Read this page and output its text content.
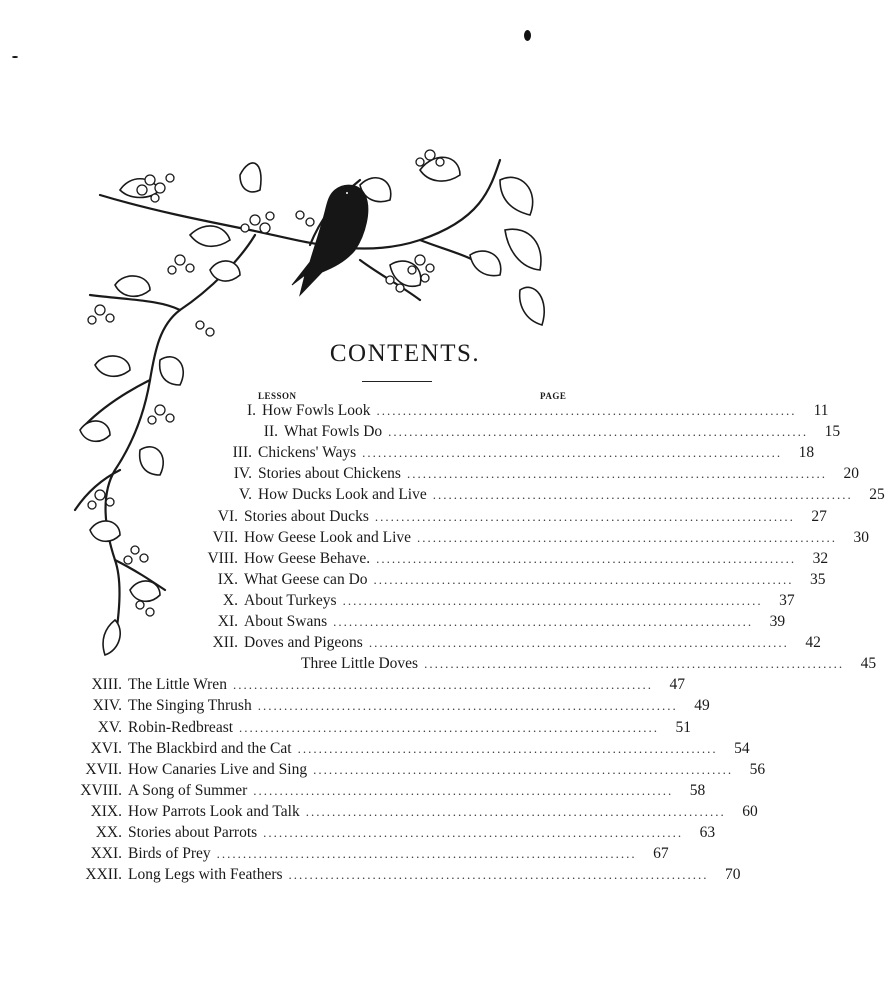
CONTENTS.
LESSON	PAGE
I. How Fowls Look ................................................................................	11
II. What Fowls Do ................................................................................	15
III. Chickens' Ways ................................................................................	18
IV. Stories about Chickens ................................................................................	20
V. How Ducks Look and Live ................................................................................	25
VI. Stories about Ducks ................................................................................	27
VII. How Geese Look and Live ................................................................................	30
VIII. How Geese Behave. ................................................................................	32
IX. What Geese can Do ................................................................................	35
X. About Turkeys ................................................................................	37
XI. About Swans ................................................................................	39
XII. Doves and Pigeons ................................................................................	42
Three Little Doves ................................................................................	45
XIII. The Little Wren ................................................................................	47
XIV. The Singing Thrush ................................................................................	49
XV. Robin-Redbreast ................................................................................	51
XVI. The Blackbird and the Cat ................................................................................	54
XVII. How Canaries Live and Sing ................................................................................	56
XVIII. A Song of Summer ................................................................................	58
XIX. How Parrots Look and Talk ................................................................................	60
XX. Stories about Parrots ................................................................................	63
XXI. Birds of Prey ................................................................................	67
XXII. Long Legs with Feathers ................................................................................	70
